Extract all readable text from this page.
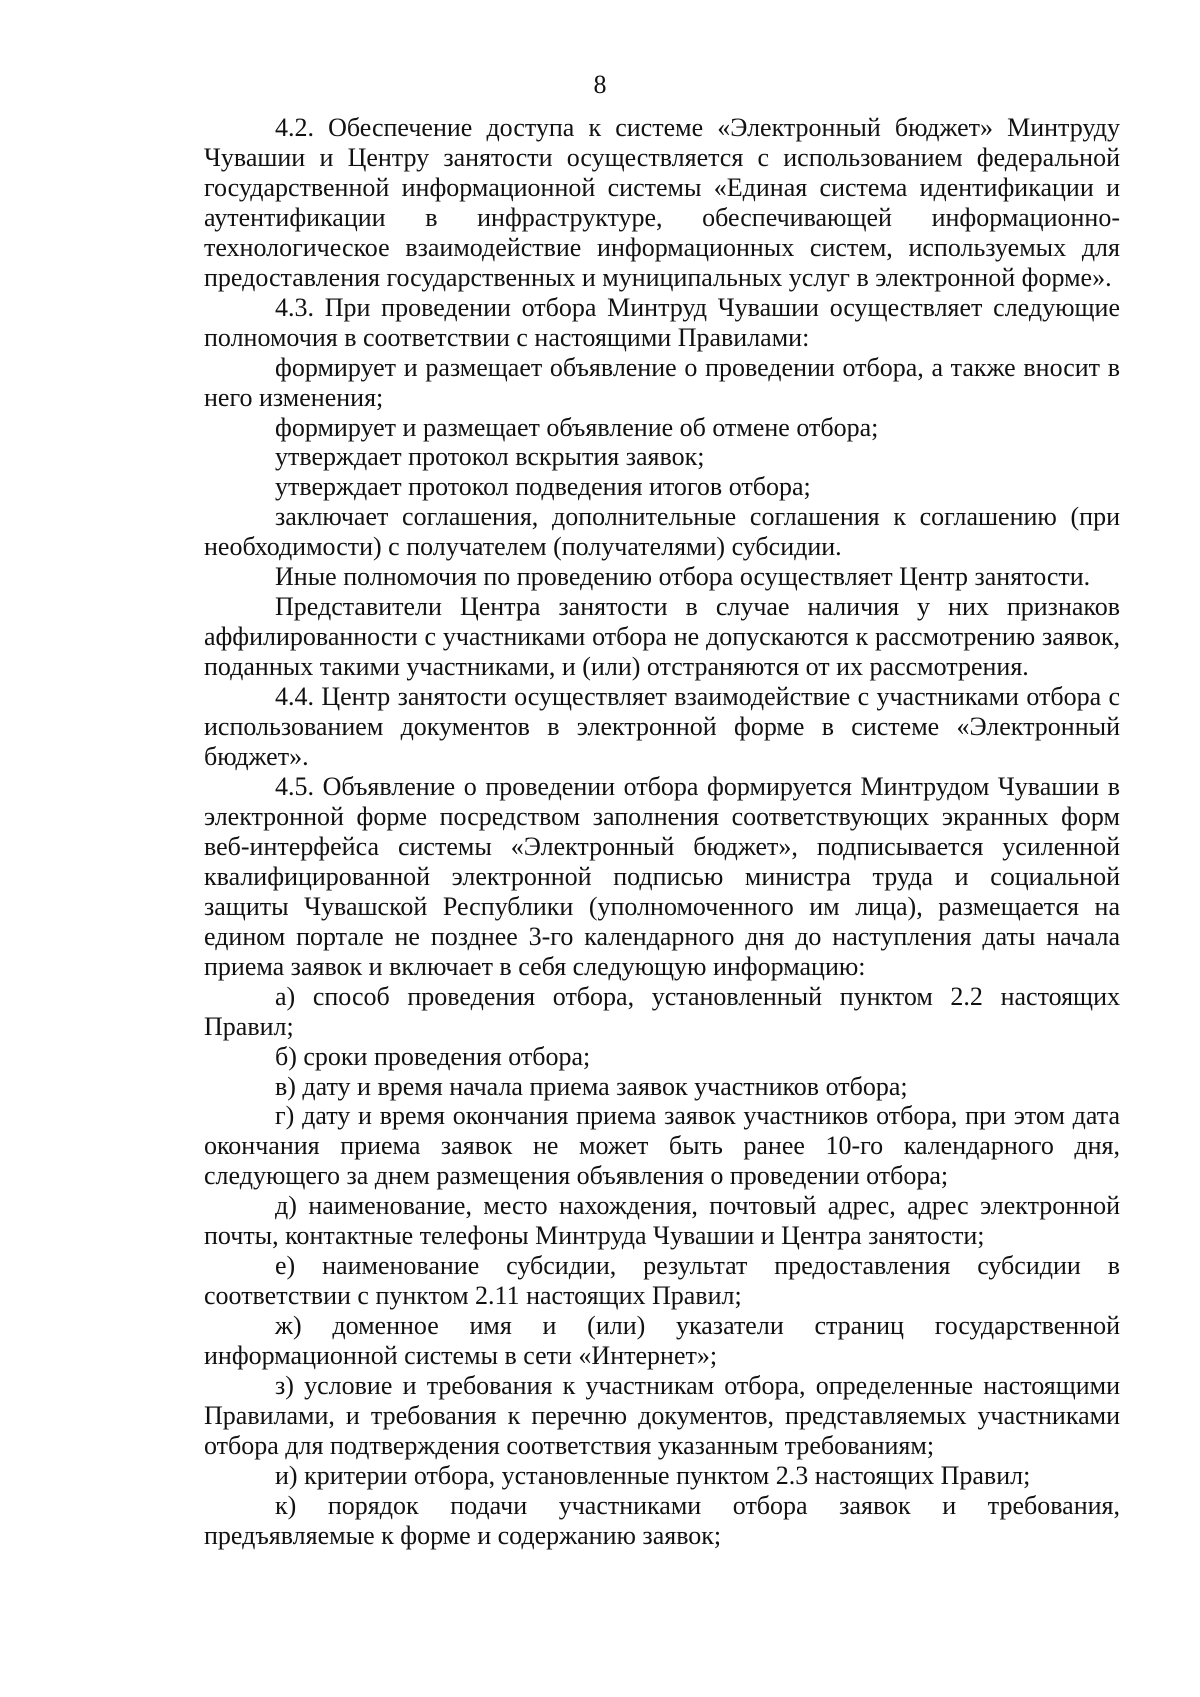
8

4.2. Обеспечение доступа к системе «Электронный бюджет» Минтруду Чувашии и Центру занятости осуществляется с использованием федеральной государственной информационной системы «Единая система идентификации и аутентификации в инфраструктуре, обеспечивающей информационно-технологическое взаимодействие информационных систем, используемых для предоставления государственных и муниципальных услуг в электронной форме».

4.3. При проведении отбора Минтруд Чувашии осуществляет следующие полномочия в соответствии с настоящими Правилами:

формирует и размещает объявление о проведении отбора, а также вносит в него изменения;

формирует и размещает объявление об отмене отбора;

утверждает протокол вскрытия заявок;

утверждает протокол подведения итогов отбора;

заключает соглашения, дополнительные соглашения к соглашению (при необходимости) с получателем (получателями) субсидии.

Иные полномочия по проведению отбора осуществляет Центр занятости.

Представители Центра занятости в случае наличия у них признаков аффилированности с участниками отбора не допускаются к рассмотрению заявок, поданных такими участниками, и (или) отстраняются от их рассмотрения.

4.4. Центр занятости осуществляет взаимодействие с участниками отбора с использованием документов в электронной форме в системе «Электронный бюджет».

4.5. Объявление о проведении отбора формируется Минтрудом Чувашии в электронной форме посредством заполнения соответствующих экранных форм веб-интерфейса системы «Электронный бюджет», подписывается усиленной квалифицированной электронной подписью министра труда и социальной защиты Чувашской Республики (уполномоченного им лица), размещается на едином портале не позднее 3-го календарного дня до наступления даты начала приема заявок и включает в себя следующую информацию:

а) способ проведения отбора, установленный пунктом 2.2 настоящих Правил;

б) сроки проведения отбора;

в) дату и время начала приема заявок участников отбора;

г) дату и время окончания приема заявок участников отбора, при этом дата окончания приема заявок не может быть ранее 10-го календарного дня, следующего за днем размещения объявления о проведении отбора;

д) наименование, место нахождения, почтовый адрес, адрес электронной почты, контактные телефоны Минтруда Чувашии и Центра занятости;

е) наименование субсидии, результат предоставления субсидии в соответствии с пунктом 2.11 настоящих Правил;

ж) доменное имя и (или) указатели страниц государственной информационной системы в сети «Интернет»;

з) условие и требования к участникам отбора, определенные настоящими Правилами, и требования к перечню документов, представляемых участниками отбора для подтверждения соответствия указанным требованиям;

и) критерии отбора, установленные пунктом 2.3 настоящих Правил;

к) порядок подачи участниками отбора заявок и требования, предъявляемые к форме и содержанию заявок;
